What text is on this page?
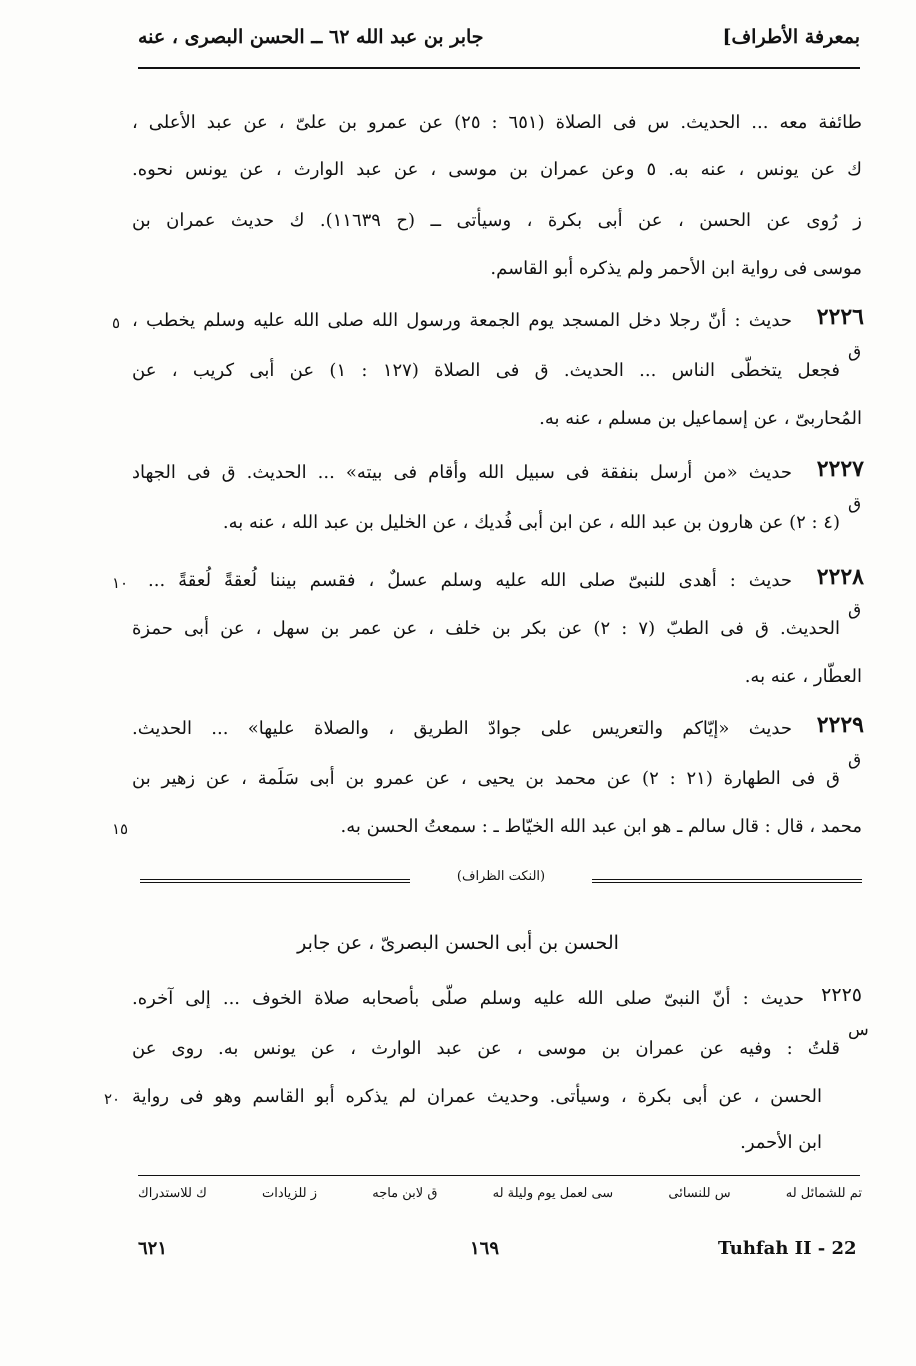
بمعرفة الأطراف]
جابر بن عبد الله ٦٢ ــ الحسن البصرى ، عنه
طائفة معه ... الحديث. س فى الصلاة (٦٥١ : ٢٥) عن عمرو بن علىّ ، عن عبد الأعلى ،
ك عن يونس ، عنه به. ٥ وعن عمران بن موسى ، عن عبد الوارث ، عن يونس نحوه.
ز رُوى عن الحسن ، عن أبى بكرة ، وسيأتى ــ (ح ١١٦٣٩). ك حديث عمران بن
موسى فى رواية ابن الأحمر ولم يذكره أبو القاسم.
٢٢٢٦
ق
٥ حديث : أنّ رجلا دخل المسجد يوم الجمعة ورسول الله صلى الله عليه وسلم يخطب ،
فجعل يتخطّى الناس ... الحديث. ق فى الصلاة (١٢٧ : ١) عن أبى كريب ، عن
المُحاربىّ ، عن إسماعيل بن مسلم ، عنه به.
٢٢٢٧
ق
حديث «من أرسل بنفقة فى سبيل الله وأقام فى بيته» ... الحديث. ق فى الجهاد
(٤ : ٢) عن هارون بن عبد الله ، عن ابن أبى فُديك ، عن الخليل بن عبد الله ، عنه به.
٢٢٢٨
ق
١٠ حديث : أهدى للنبىّ صلى الله عليه وسلم عسلٌ ، فقسم بيننا لُعقةً لُعقةً ...
الحديث. ق فى الطبّ (٧ : ٢) عن بكر بن خلف ، عن عمر بن سهل ، عن أبى حمزة
العطّار ، عنه به.
٢٢٢٩
ق
حديث «إيّاكم والتعريس على جوادّ الطريق ، والصلاة عليها» ... الحديث.
ق فى الطهارة (٢١ : ٢) عن محمد بن يحيى ، عن عمرو بن أبى سَلَمة ، عن زهير بن
١٥	محمد ، قال : قال سالم ـ هو ابن عبد الله الخيّاط ـ : سمعتُ الحسن به.
(النكت الظراف)
الحسن بن أبى الحسن البصرىّ ، عن جابر
٢٢٢٥
س
حديث : أنّ النبىّ صلى الله عليه وسلم صلّى بأصحابه صلاة الخوف ... إلى آخره.
قلتُ : وفيه عن عمران بن موسى ، عن عبد الوارث ، عن يونس به. روى عن
الحسن ، عن أبى بكرة ، وسيأتى. وحديث عمران لم يذكره أبو القاسم وهو فى رواية
٢٠
ابن الأحمر.
تم للشمائل له
س للنسائى
سى لعمل يوم وليلة له
ق لابن ماجه
ز للزيادات
ك للاستدراك
Tuhfah II - 22
١٦٩
٦٢١
